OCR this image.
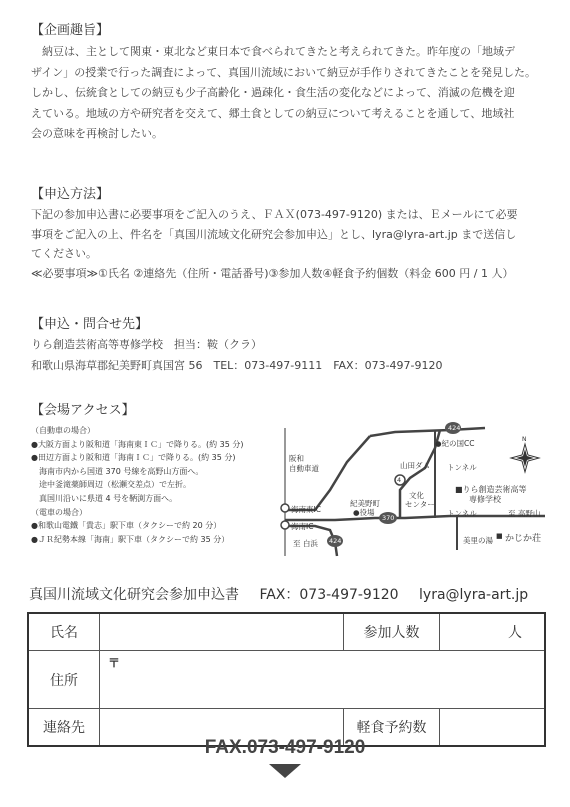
【企画趣旨】
　納豆は、主として関東・東北など東日本で食べられてきたと考えられてきた。昨年度の「地域デ
ザイン」の授業で行った調査によって、真国川流域において納豆が手作りされてきたことを発見した。
しかし、伝統食としての納豆も少子高齢化・過疎化・食生活の変化などによって、消滅の危機を迎
えている。地域の方や研究者を交えて、郷土食としての納豆について考えることを通して、地域社
会の意味を再検討したい。
【申込方法】
下記の参加申込書に必要事項をご記入のうえ、ＦＡＸ(073-497-9120) または、Ｅメールにて必要
事項をご記入の上、件名を「真国川流域文化研究会参加申込」とし、lyra@lyra-art.jp まで送信し
てください。
≪必要事項≫①氏名 ②連絡先（住所・電話番号)③参加人数④軽食予約個数（料金 600 円 / 1 人）
【申込・問合せ先】
りら創造芸術高等専修学校　担当：鞍（クラ）
和歌山県海草郡紀美野町真国宮 56　TEL：073-497-9111　FAX：073-497-9120
【会場アクセス】
（自動車の場合）
●大阪方面より阪和道「海南東ＩＣ」で降りる。(約 35 分)
●田辺方面より阪和道「海南ＩＣ」で降りる。(約 35 分)
　海南市内から国道 370 号線を高野山方面へ。
　途中釜滝薬師周辺（松瀬交差点）で左折。
　真国川沿いに県道 4 号を鞆渕方面へ。
（電車の場合）
●和歌山電鐵「貴志」駅下車（タクシーで約 20 分）
●ＪＲ紀勢本線「海南」駅下車（タクシーで約 35 分）
424
370
424
4
●紀の国CC
山田ダム トンネル
トンネル
阪和
自動車道
海南東IC
海南IC
至 白浜
紀美野町
●役場
文化
センター
■りら創造芸術高等
専修学校
至 高野山
美里の湯 かじか荘
■
N
真国川流域文化研究会参加申込書 FAX：073-497-9120 lyra@lyra-art.jp
氏名		参加人数	人
住所	〒		
連絡先		軽食予約数	
FAX.073-497-9120
